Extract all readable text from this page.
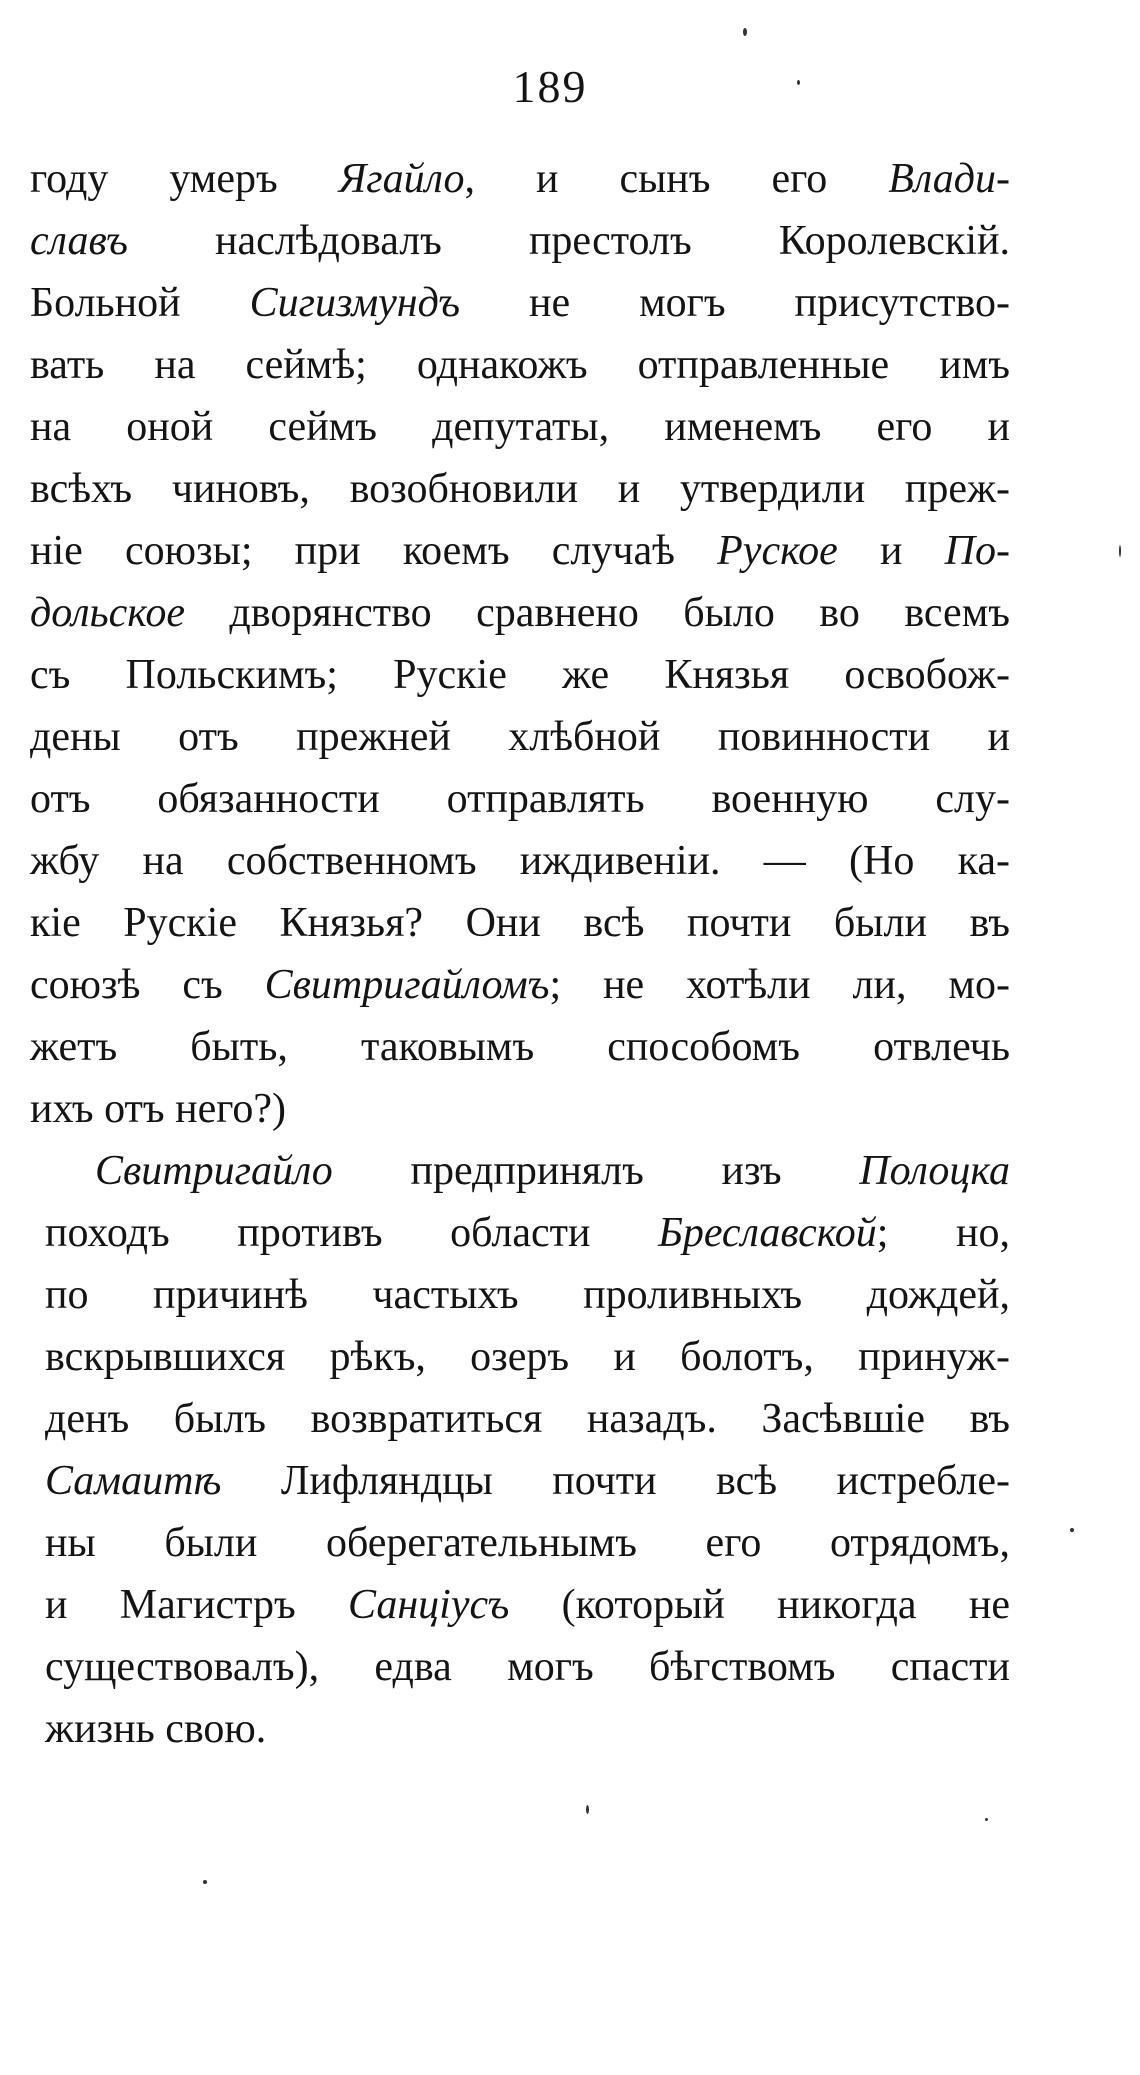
189
году умеръ Ягайло, и сынъ его Влади-
славъ наслѣдовалъ престолъ Королевскій.
Больной Сигизмундъ не могъ присутство-
вать на сеймѣ; однакожъ отправленные имъ
на оной сеймъ депутаты, именемъ его и
всѣхъ чиновъ, возобновили и утвердили преж-
ніе союзы; при коемъ случаѣ Руское и По-
дольское дворянство сравнено было во всемъ
съ Польскимъ; Рускіе же Князья освобож-
дены отъ прежней хлѣбной повинности и
отъ обязанности отправлять военную слу-
жбу на собственномъ иждивеніи. — (Но ка-
кіе Рускіе Князья? Они всѣ почти были въ
союзѣ съ Свитригайломъ; не хотѣли ли, мо-
жетъ быть, таковымъ способомъ отвлечь
ихъ отъ него?)
Свитригайло предпринялъ изъ Полоцка
походъ противъ области Бреславской; но,
по причинѣ частыхъ проливныхъ дождей,
вскрывшихся рѣкъ, озеръ и болотъ, принуж-
денъ былъ возвратиться назадъ. Засѣвшіе въ
Самаитѣ Лифляндцы почти всѣ истребле-
ны были оберегательнымъ его отрядомъ,
и Магистръ Санціусъ (который никогда не
существовалъ), едва могъ бѣгствомъ спасти
жизнь свою.
